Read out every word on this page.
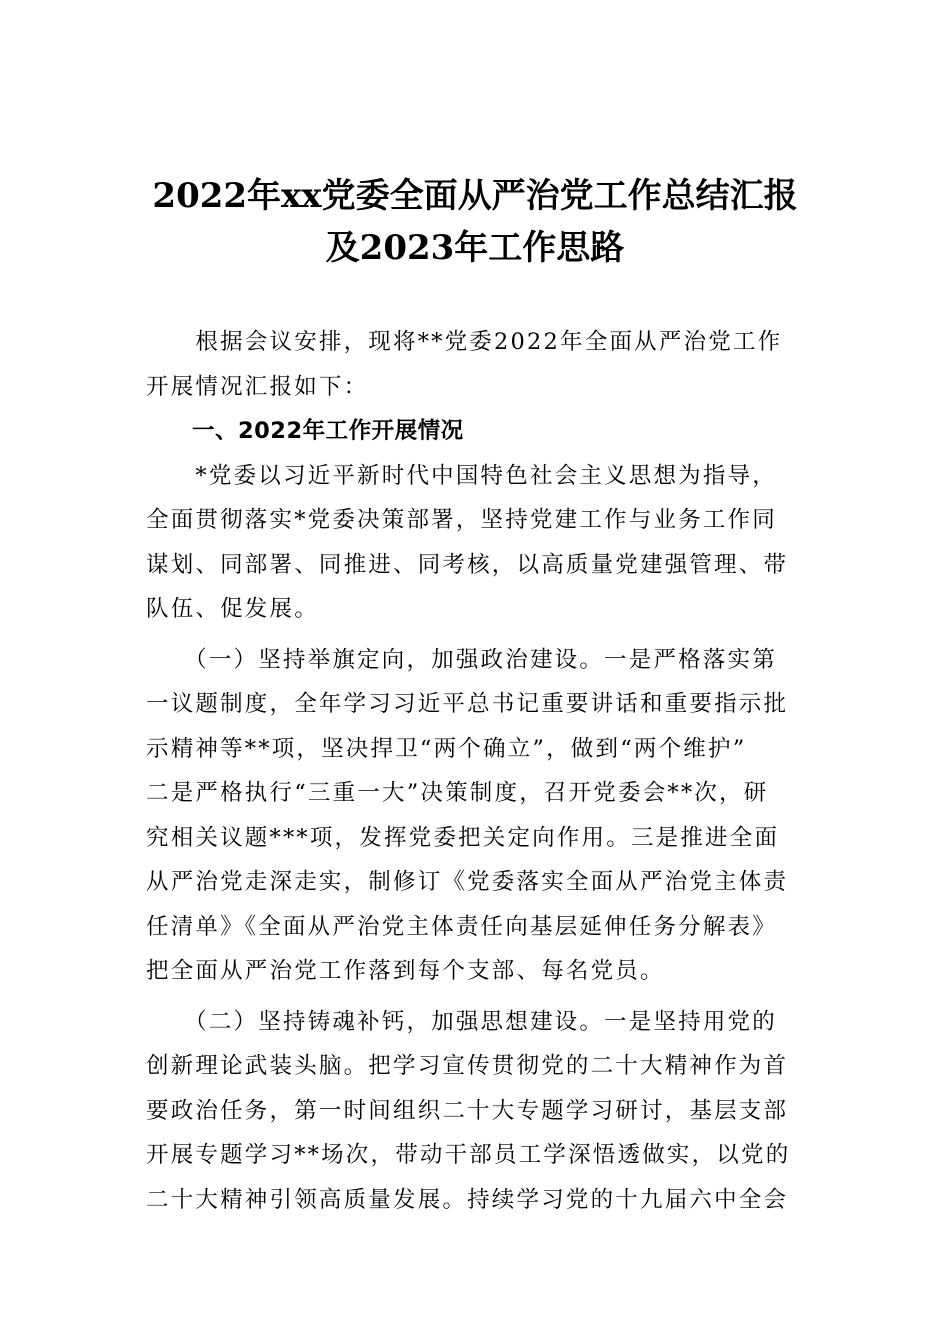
2022年xx党委全面从严治党工作总结汇报
及2023年工作思路

　　根据会议安排，现将**党委2022年全面从严治党工作
开展情况汇报如下：

　　一、2022年工作开展情况

　　*党委以习近平新时代中国特色社会主义思想为指导，
全面贯彻落实*党委决策部署，坚持党建工作与业务工作同
谋划、同部署、同推进、同考核，以高质量党建强管理、带
队伍、促发展。

　　（一）坚持举旗定向，加强政治建设。一是严格落实第
一议题制度，全年学习习近平总书记重要讲话和重要指示批
示精神等**项，坚决捍卫“两个确立”，做到“两个维护”
二是严格执行“三重一大”决策制度，召开党委会**次，研
究相关议题***项，发挥党委把关定向作用。三是推进全面
从严治党走深走实，制修订《党委落实全面从严治党主体责
任清单》《全面从严治党主体责任向基层延伸任务分解表》
把全面从严治党工作落到每个支部、每名党员。

　　（二）坚持铸魂补钙，加强思想建设。一是坚持用党的
创新理论武装头脑。把学习宣传贯彻党的二十大精神作为首
要政治任务，第一时间组织二十大专题学习研讨，基层支部
开展专题学习**场次，带动干部员工学深悟透做实，以党的
二十大精神引领高质量发展。持续学习党的十九届六中全会
